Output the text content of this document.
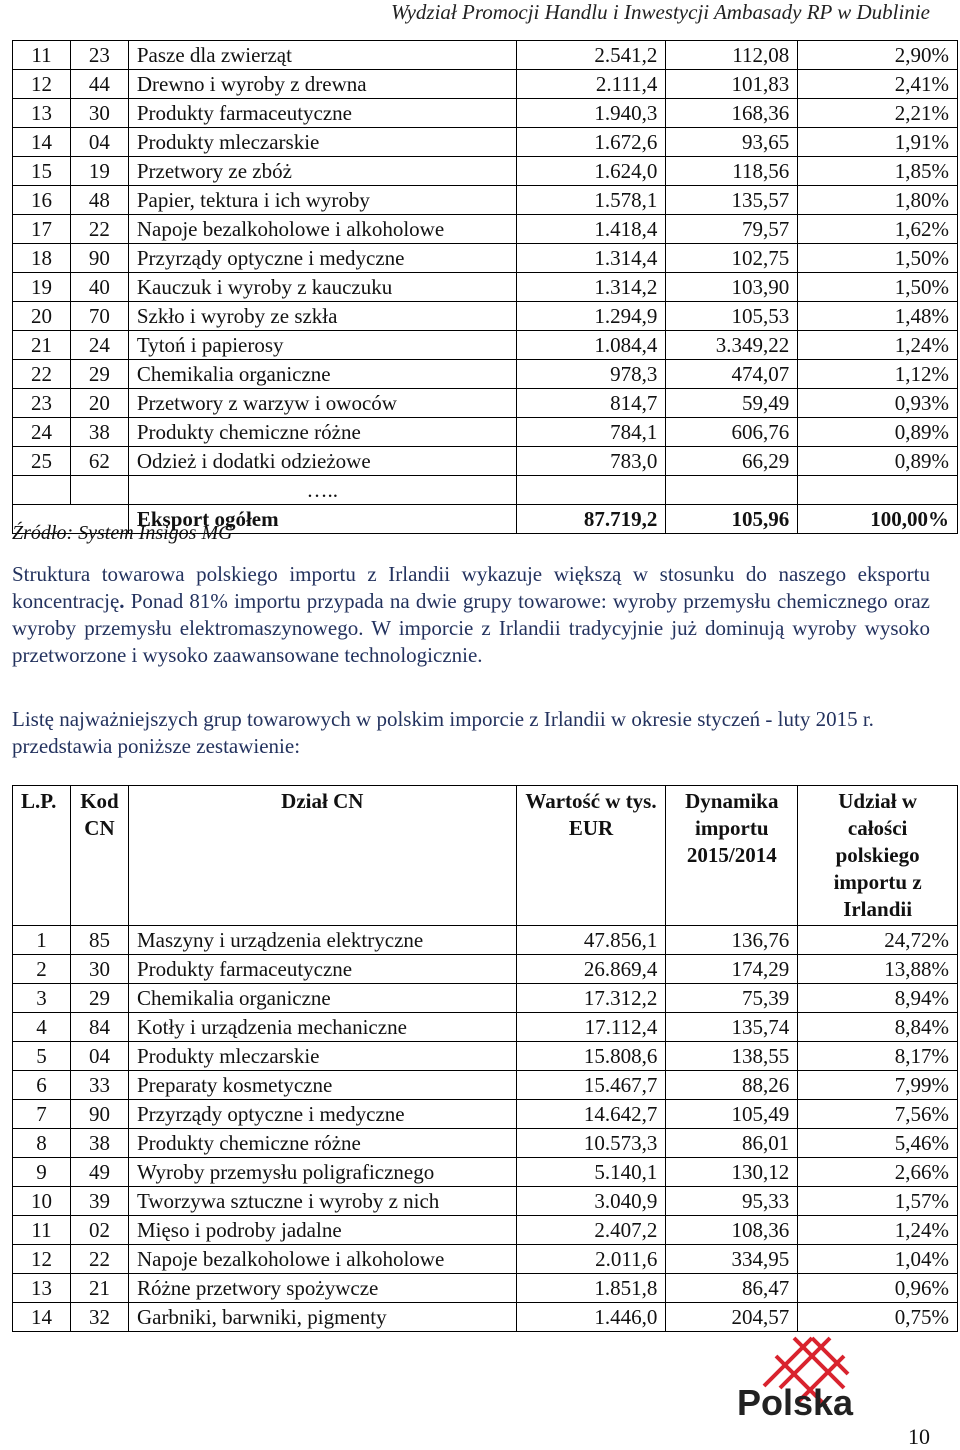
Wydział Promocji Handlu i Inwestycji Ambasady RP w Dublinie
11	23	Pasze dla zwierząt	2.541,2	112,08	2,90%
12	44	Drewno i wyroby z drewna	2.111,4	101,83	2,41%
13	30	Produkty farmaceutyczne	1.940,3	168,36	2,21%
14	04	Produkty mleczarskie	1.672,6	93,65	1,91%
15	19	Przetwory ze zbóż	1.624,0	118,56	1,85%
16	48	Papier, tektura i ich wyroby	1.578,1	135,57	1,80%
17	22	Napoje bezalkoholowe i alkoholowe	1.418,4	79,57	1,62%
18	90	Przyrządy optyczne i medyczne	1.314,4	102,75	1,50%
19	40	Kauczuk i wyroby z kauczuku	1.314,2	103,90	1,50%
20	70	Szkło i wyroby ze szkła	1.294,9	105,53	1,48%
21	24	Tytoń i papierosy	1.084,4	3.349,22	1,24%
22	29	Chemikalia organiczne	978,3	474,07	1,12%
23	20	Przetwory z warzyw i owoców	814,7	59,49	0,93%
24	38	Produkty chemiczne różne	784,1	606,76	0,89%
25	62	Odzież i dodatki odzieżowe	783,0	66,29	0,89%
		…..			
		Eksport ogółem	87.719,2	105,96	100,00%
Źródło: System Insigos MG
Struktura towarowa polskiego importu z Irlandii wykazuje większą w stosunku do naszego eksportu koncentrację. Ponad 81% importu przypada na dwie grupy towarowe: wyroby przemysłu chemicznego oraz wyroby przemysłu elektromaszynowego. W imporcie z Irlandii tradycyjnie już dominują wyroby wysoko przetworzone i wysoko zaawansowane technologicznie.
Listę najważniejszych grup towarowych w polskim imporcie z Irlandii w okresie styczeń - luty 2015 r. przedstawia poniższe zestawienie:
L.P.	Kod CN	Dział CN	Wartość w tys. EUR	Dynamika importu 2015/2014	Udział w całości polskiego importu z Irlandii
1	85	Maszyny i urządzenia elektryczne	47.856,1	136,76	24,72%
2	30	Produkty farmaceutyczne	26.869,4	174,29	13,88%
3	29	Chemikalia organiczne	17.312,2	75,39	8,94%
4	84	Kotły i urządzenia mechaniczne	17.112,4	135,74	8,84%
5	04	Produkty mleczarskie	15.808,6	138,55	8,17%
6	33	Preparaty kosmetyczne	15.467,7	88,26	7,99%
7	90	Przyrządy optyczne i medyczne	14.642,7	105,49	7,56%
8	38	Produkty chemiczne różne	10.573,3	86,01	5,46%
9	49	Wyroby przemysłu poligraficznego	5.140,1	130,12	2,66%
10	39	Tworzywa sztuczne i wyroby z nich	3.040,9	95,33	1,57%
11	02	Mięso i podroby jadalne	2.407,2	108,36	1,24%
12	22	Napoje bezalkoholowe i alkoholowe	2.011,6	334,95	1,04%
13	21	Różne przetwory spożywcze	1.851,8	86,47	0,96%
14	32	Garbniki, barwniki, pigmenty	1.446,0	204,57	0,75%
Polska
10
